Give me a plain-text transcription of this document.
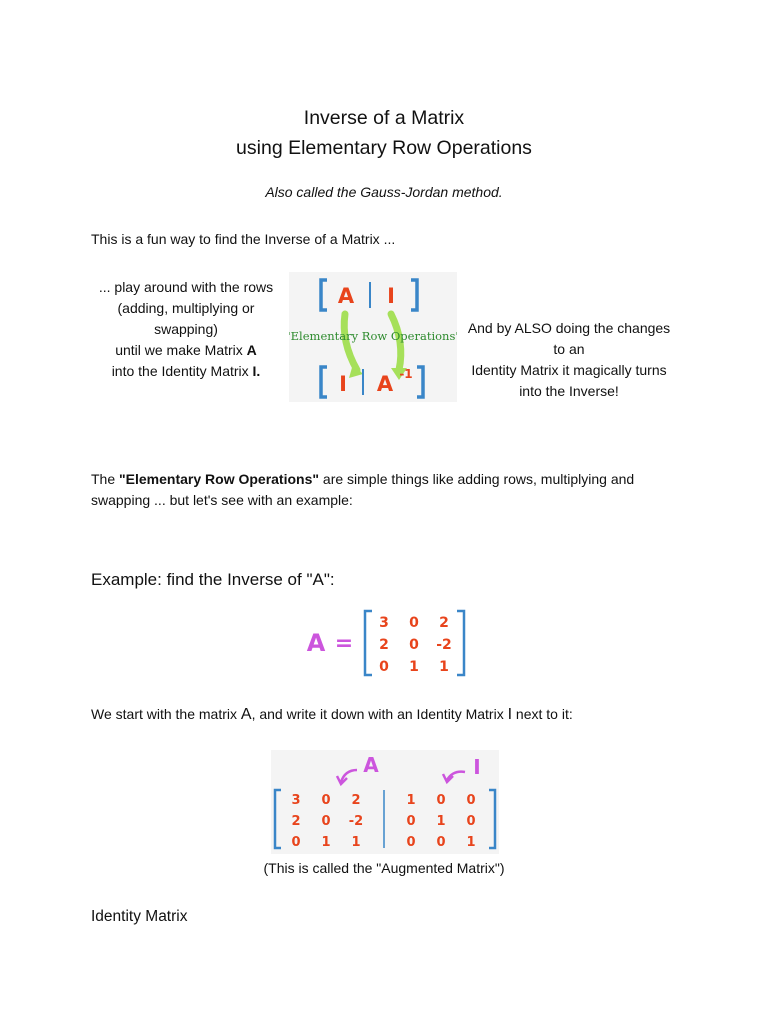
Inverse of a Matrix
using Elementary Row Operations
Also called the Gauss-Jordan method.
This is a fun way to find the Inverse of a Matrix ...
... play around with the rows
(adding, multiplying or
swapping)
until we make Matrix A
into the Identity Matrix I.
A I
"Elementary Row Operations"
I A -1
And by ALSO doing the changes
to an
Identity Matrix it magically turns
into the Inverse!
The "Elementary Row Operations" are simple things like adding rows, multiplying and
swapping ... but let's see with an example:
Example: find the Inverse of "A":
A =
3 0 2
2 0 -2
0 1 1
We start with the matrix A, and write it down with an Identity Matrix I next to it:
A	I
3 0 2
2 0 -2
0 1 1
1 0 0
0 1 0
0 0 1
(This is called the "Augmented Matrix")
Identity Matrix
